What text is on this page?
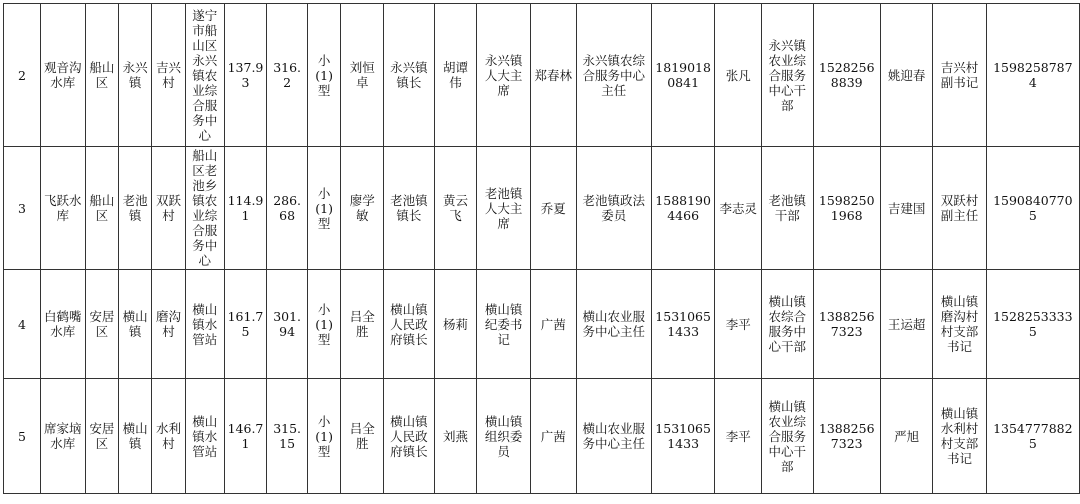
2	观音沟水库	船山区	永兴镇	吉兴村	遂宁市船山区永兴镇农业综合服务中心	137.93	316.2	小(1)型	刘恒卓	永兴镇镇长	胡谭伟	永兴镇人大主席	郑春林	永兴镇农综合服务中心主任	18190180841	张凡	永兴镇农业综合服务中心干部	15282568839	姚迎春	吉兴村副书记	15982587874
3	飞跃水库	船山区	老池镇	双跃村	船山区老池乡镇农业综合服务中心	114.91	286.68	小(1)型	廖学敏	老池镇镇长	黄云飞	老池镇人大主席	乔夏	老池镇政法委员	15881904466	李志灵	老池镇干部	15982501968	吉建国	双跃村副主任	15908407705
4	白鹤嘴水库	安居区	横山镇	磨沟村	横山镇水管站	161.75	301.94	小(1)型	吕全胜	横山镇人民政府镇长	杨莉	横山镇纪委书记	广茜	横山农业服务中心主任	15310651433	李平	横山镇农综合服务中心干部	13882567323	王运超	横山镇磨沟村村支部书记	15282533335
5	席家垴水库	安居区	横山镇	水利村	横山镇水管站	146.71	315.15	小(1)型	吕全胜	横山镇人民政府镇长	刘燕	横山镇组织委员	广茜	横山农业服务中心主任	15310651433	李平	横山镇农业综合服务中心干部	13882567323	严旭	横山镇水利村村支部书记	13547778825
